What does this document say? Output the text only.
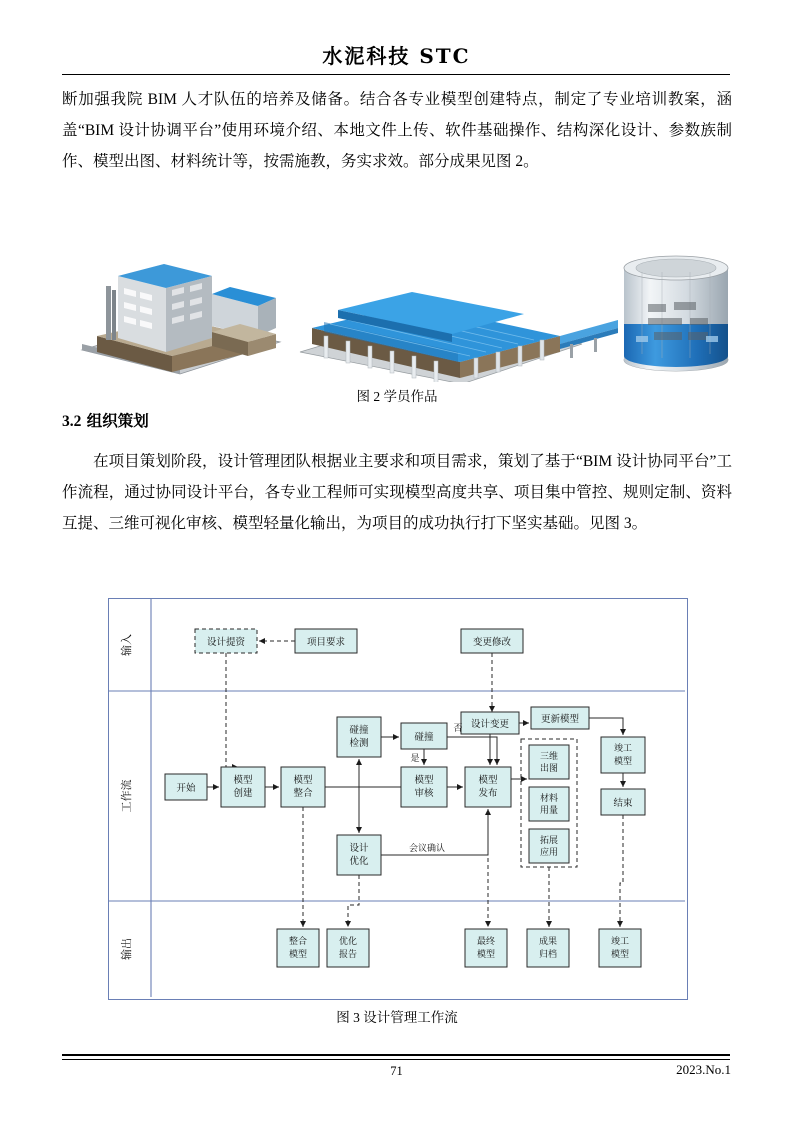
水泥科技 STC

断加强我院 BIM 人才队伍的培养及储备。结合各专业模型创建特点，制定了专业培训教案，涵盖“BIM 设计协调平台”使用环境介绍、本地文件上传、软件基础操作、结构深化设计、参数族制作、模型出图、材料统计等，按需施教，务实求效。部分成果见图 2。

图 2 学员作品
3.2 组织策划

在项目策划阶段，设计管理团队根据业主要求和项目需求，策划了基于“BIM 设计协同平台”工作流程，通过协同设计平台，各专业工程师可实现模型高度共享、项目集中管控、规则定制、资料互提、三维可视化审核、模型轻量化输出，为项目的成功执行打下坚实基础。见图 3。

输入
工作流
输出
设计提资	项目要求	变更修改
开始
模型
创建
模型
整合
碰撞
检测
碰撞
模型
审核
设计
优化
模型
发布
设计变更	更新模型
三维
出图
材料
用量
拓展
应用
竣工
模型
结束
否
是
会议确认
整合
模型
优化
报告
最终
模型
成果
归档
竣工
模型
图 3 设计管理工作流
71	2023.No.1
